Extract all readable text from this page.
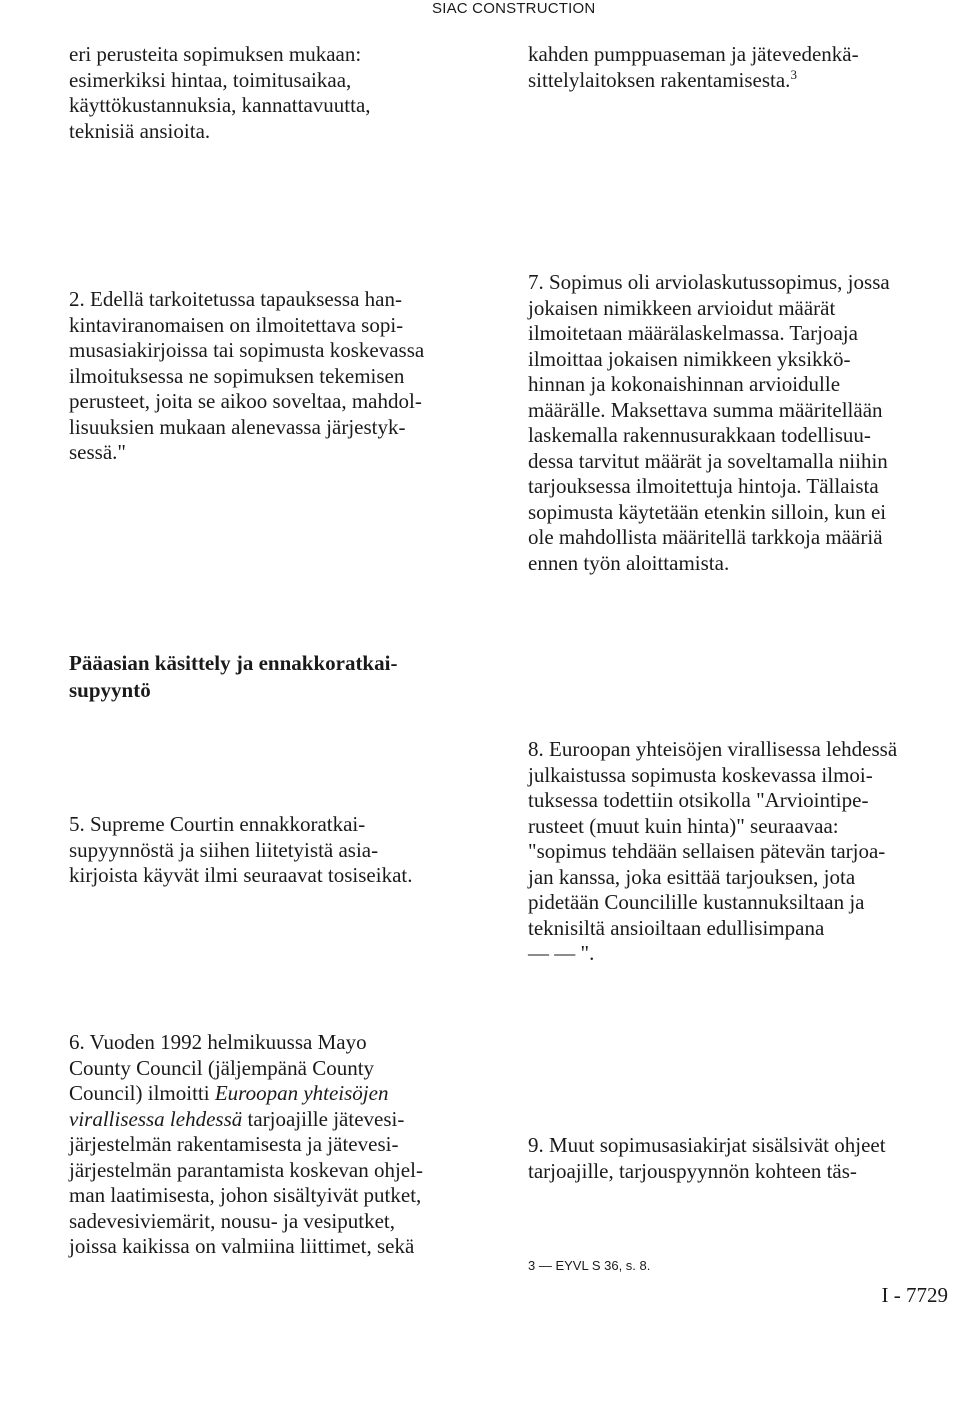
SIAC CONSTRUCTION

eri perusteita sopimuksen mukaan:
esimerkiksi hintaa, toimitusaikaa,
käyttökustannuksia, kannattavuutta,
teknisiä ansioita.

2. Edellä tarkoitetussa tapauksessa han-
kintaviranomaisen on ilmoitettava sopi-
musasiakirjoissa tai sopimusta koskevassa
ilmoituksessa ne sopimuksen tekemisen
perusteet, joita se aikoo soveltaa, mahdol-
lisuuksien mukaan alenevassa järjestyk-
sessä."

Pääasian käsittely ja ennakkoratkai-
supyyntö

5. Supreme Courtin ennakkoratkai-
supyynnöstä ja siihen liitetyistä asia-
kirjoista käyvät ilmi seuraavat tosiseikat.

6. Vuoden 1992 helmikuussa Mayo
County Council (jäljempänä County
Council) ilmoitti Euroopan yhteisöjen
virallisessa lehdessä tarjoajille jätevesi-
järjestelmän rakentamisesta ja jätevesi-
järjestelmän parantamista koskevan ohjel-
man laatimisesta, johon sisältyivät putket,
sadevesiviemärit, nousu- ja vesiputket,
joissa kaikissa on valmiina liittimet, sekä

kahden pumppuaseman ja jätevedenkä-
sittelylaitoksen rakentamisesta.$^3$

7. Sopimus oli arviolaskutussopimus, jossa
jokaisen nimikkeen arvioidut määrät
ilmoitetaan määrälaskelmassa. Tarjoaja
ilmoittaa jokaisen nimikkeen yksikkö-
hinnan ja kokonaishinnan arvioidulle
määrälle. Maksettava summa määritellään
laskemalla rakennusurakkaan todellisuu-
dessa tarvitut määrät ja soveltamalla niihin
tarjouksessa ilmoitettuja hintoja. Tällaista
sopimusta käytetään etenkin silloin, kun ei
ole mahdollista määritellä tarkkoja määriä
ennen työn aloittamista.

8. Euroopan yhteisöjen virallisessa lehdessä
julkaistussa sopimusta koskevassa ilmoi-
tuksessa todettiin otsikolla "Arviointipe-
rusteet (muut kuin hinta)" seuraavaa:
"sopimus tehdään sellaisen pätevän tarjoa-
jan kanssa, joka esittää tarjouksen, jota
pidetään Councilille kustannuksiltaan ja
teknisiltä ansioiltaan edullisimpana
— — ".

9. Muut sopimusasiakirjat sisälsivät ohjeet
tarjoajille, tarjouspyynnön kohteen täs-

3 — EYVL S 36, s. 8.
I - 7729
